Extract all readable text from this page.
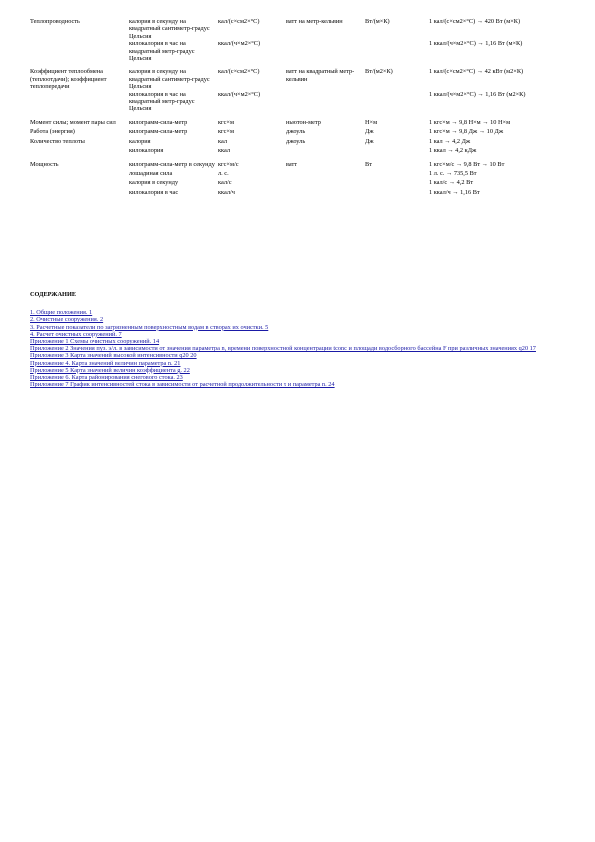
Теплопроводность	калория в секунду на квадратный сантиметр-градус Цельсия	кал/(с×см2×°С)	ватт на метр-кельвин	Вт/(м×К)	1 кал/(с×см2×°С) → 420 Вт (м×К)
	килокалория в час на квадратный метр-градус Цельсия	ккал/(ч×м2×°С)			1 ккал/(ч×м2×°С) → 1,16 Вт (м×К)
Коэффициент теплообмена (теплоотдачи); коэффициент теплопередачи	калория в секунду на квадратный сантиметр-градус Цельсия	кал/(с×см2×°С)	ватт на квадратный метр-кельвин	Вт/(м2×К)	1 кал/(с×см2×°С) → 42 кВт (м2×К)
	килокалория в час на квадратный метр-градус Цельсия	ккал/(ч×м2×°С)			1 ккал/(ч×м2×°С) → 1,16 Вт (м2×К)
Момент силы; момент пары сил	килограмм-сила-метр	кгс×м	ньютон-метр	Н×м	1 кгс×м → 9,8 Н×м → 10 Н×м
Работа (энергия)	килограмм-сила-метр	кгс×м	джоуль	Дж	1 кгс×м → 9,8 Дж → 10 Дж
Количество теплоты	калория	кал	джоуль	Дж	1 кал → 4,2 Дж
	килокалория	ккал			1 ккал → 4,2 кДж
Мощность	килограмм-сила-метр в секунду	кгс×м/с	ватт	Вт	1 кгс×м/с → 9,8 Вт → 10 Вт
	лошадиная сила	л. с.			1 л. с. → 735,5 Вт
	калория в секунду	кал/с			1 кал/с → 4,2 Вт
	килокалория в час	ккал/ч			1 ккал/ч → 1,16 Вт
СОДЕРЖАНИЕ
1. Общие положения. 1
2. Очистные сооружения. 2
3. Расчетные показатели по загрязненным поверхностным водам в створах их очистки. 5
4. Расчет очистных сооружений. 7
Приложение 1 Схемы очистных сооружений. 14
Приложение 2 Значения пуз. э/л. в зависимости от значения параметра n, времени поверхностной концентрации tconc и площади водосборного бассейна F при различных значениях q20 17
Приложение 3 Карта значений высокой интенсивности q20 20
Приложение 4. Карта значений величин параметра n. 21
Приложение 5 Карта значений величин коэффициента g. 22
Приложение 6. Карта районирования снегового стока. 23
Приложение 7 График интенсивностей стока в зависимости от расчетной продолжительности τ и параметра n. 24
